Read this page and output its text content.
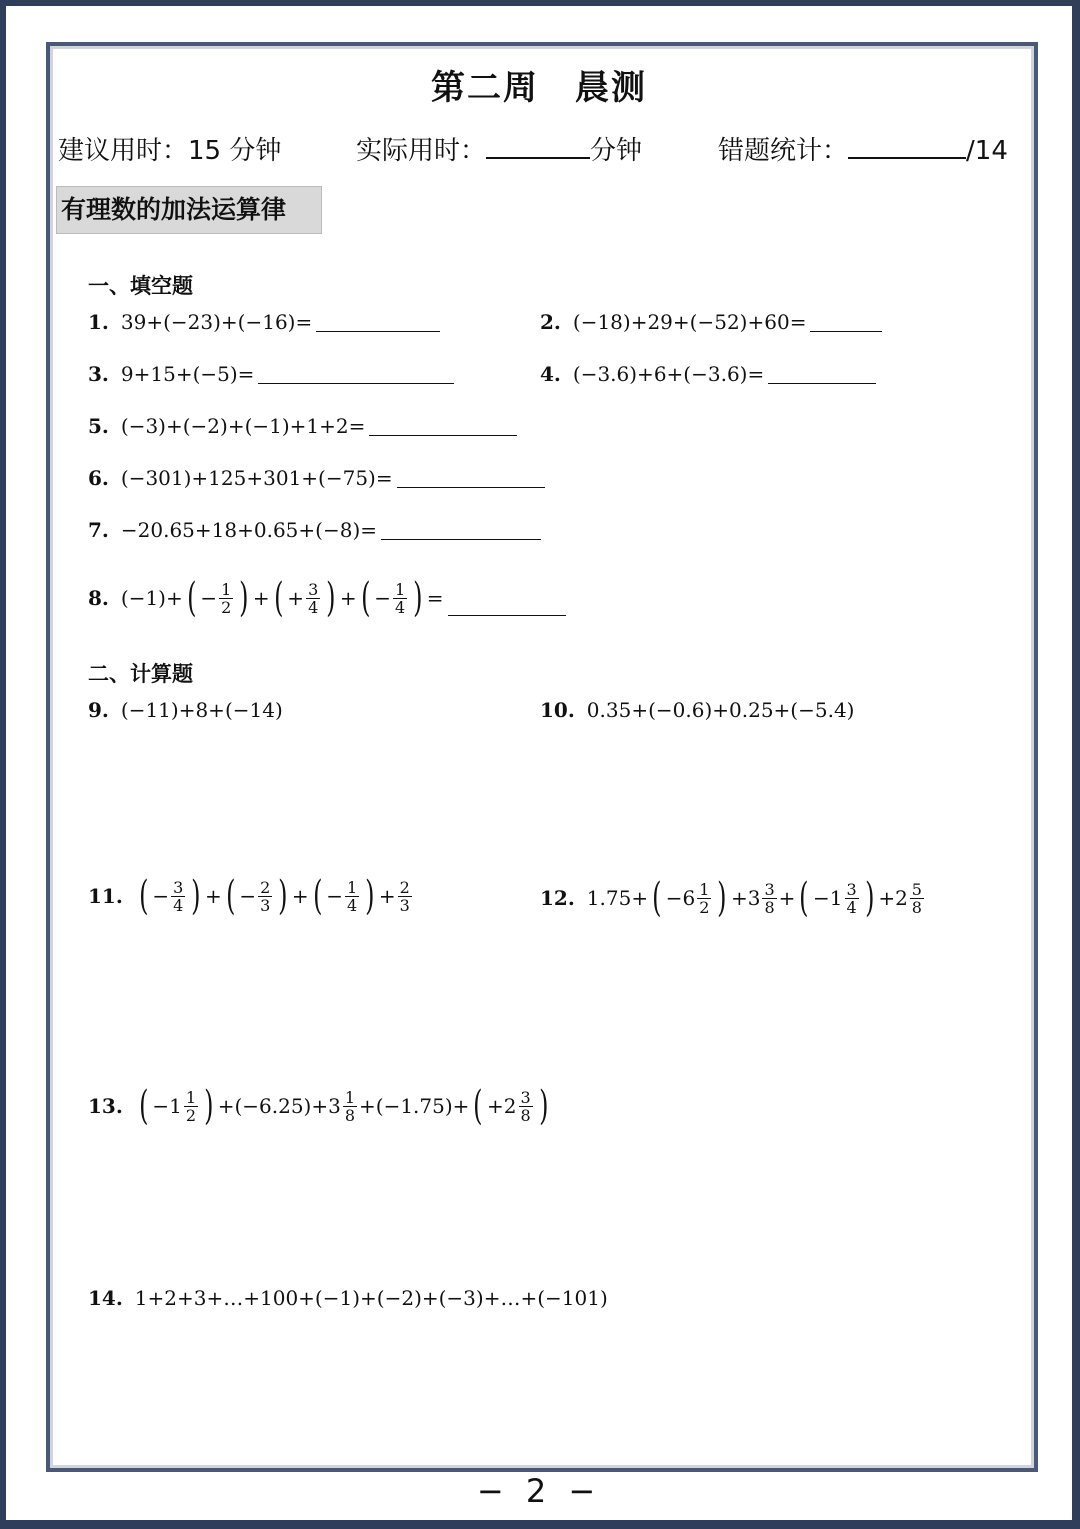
第二周　晨测
建议用时：15 分钟	实际用时：	分钟	错题统计：	/14
有理数的加法运算律
一、填空题
1. 39+(−23)+(−16)=	2. (−18)+29+(−52)+60=
3. 9+15+(−5)=	4. (−3.6)+6+(−3.6)=
5. (−3)+(−2)+(−1)+1+2=
6. (−301)+125+301+(−75)=
7. −20.65+18+0.65+(−8)=
8. (−1)+ ( − $\frac{1}{2}$ ) + ( + $\frac{3}{4}$ ) + ( − $\frac{1}{4}$ ) =
二、计算题
9. (−11)+8+(−14)	10. 0.35+(−0.6)+0.25+(−5.4)
11. ( − $\frac{3}{4}$ ) + ( − $\frac{2}{3}$ ) + ( − $\frac{1}{4}$ ) + $\frac{2}{3}$	12. 1.75+ ( $-6 \frac{1}{2}$ ) $+3 \frac{3}{8}$ + ( $-1 \frac{3}{4}$ ) $+2 \frac{5}{8}$
13. ( $-1 \frac{1}{2}$ ) $+(-6.25)+3 \frac{1}{8} +(-1.75)+$ ( $+2 \frac{3}{8}$ )
14. 1+2+3+…+100+(−1)+(−2)+(−3)+…+(−101)
− 2 −
